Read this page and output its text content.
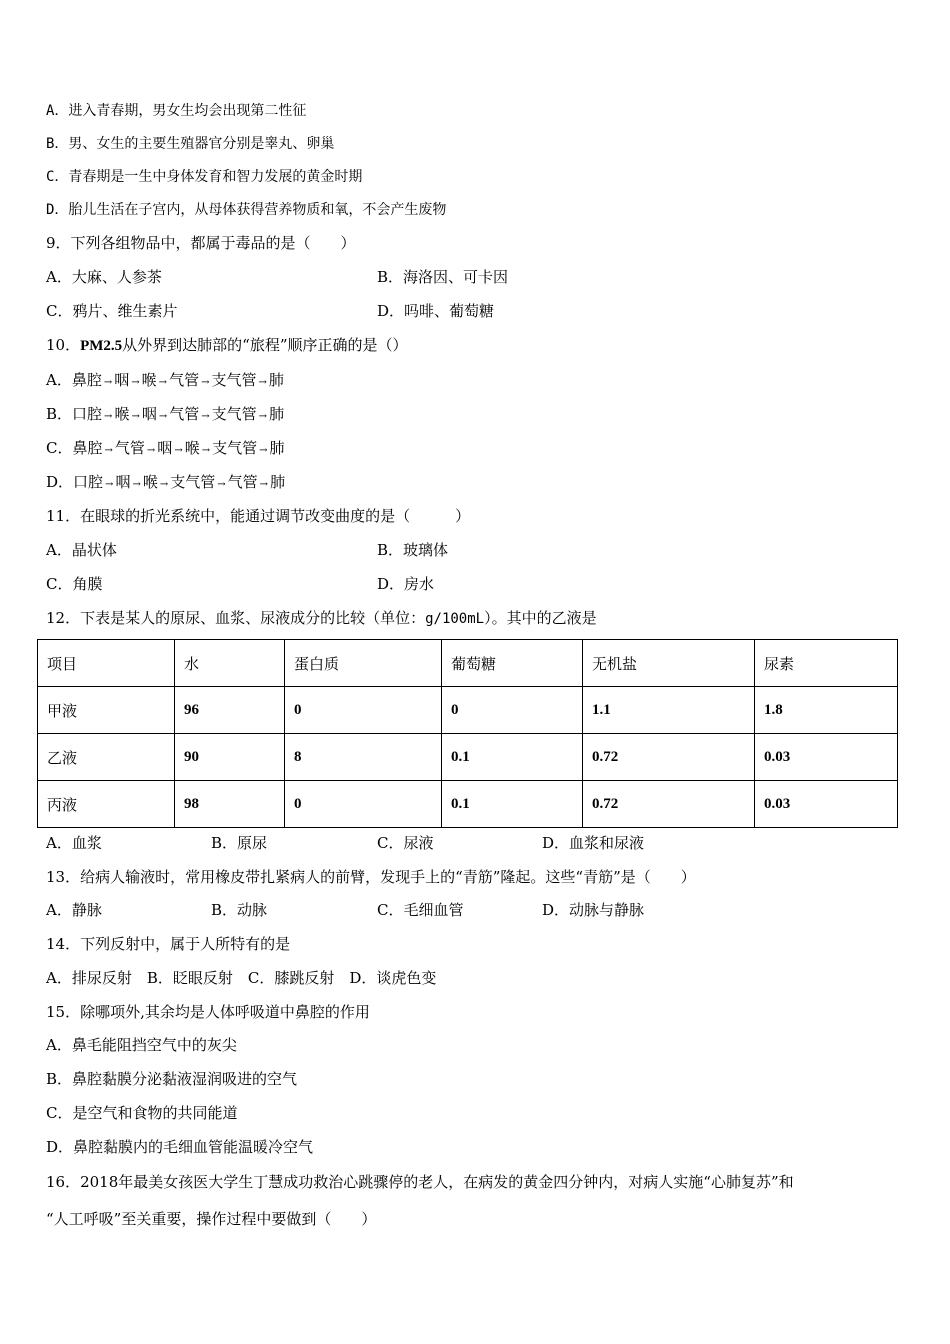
A．进入青春期，男女生均会出现第二性征
B．男、女生的主要生殖器官分别是睾丸、卵巢
C．青春期是一生中身体发育和智力发展的黄金时期
D．胎儿生活在子宫内，从母体获得营养物质和氧，不会产生废物
9．下列各组物品中，都属于毒品的是（　　）
A．大麻、人参茶	B．海洛因、可卡因
C．鸦片、维生素片	D．吗啡、葡萄糖
10．PM2.5从外界到达肺部的“旅程”顺序正确的是（）
A．鼻腔 → 咽 → 喉 → 气管 → 支气管 → 肺
B．口腔 → 喉 → 咽 → 气管 → 支气管 → 肺
C．鼻腔 → 气管 → 咽 → 喉 → 支气管 → 肺
D．口腔 → 咽 → 喉 → 支气管 → 气管 → 肺
11．在眼球的折光系统中，能通过调节改变曲度的是（　　　）
A．晶状体	B．玻璃体
C．角膜	D．房水
12．下表是某人的原尿、血浆、尿液成分的比较（单位：g/100mL）。其中的乙液是
项目	水	蛋白质	葡萄糖	无机盐	尿素
甲液	96	0	0	1.1	1.8
乙液	90	8	0.1	0.72	0.03
丙液	98	0	0.1	0.72	0.03
A．血浆	B．原尿	C．尿液	D．血浆和尿液
13．给病人输液时，常用橡皮带扎紧病人的前臂，发现手上的“青筋”隆起。这些“青筋”是（　　）
A．静脉	B．动脉	C．毛细血管	D．动脉与静脉
14．下列反射中，属于人所特有的是
A．排尿反射　B．眨眼反射　C．膝跳反射　D．谈虎色变
15．除哪项外,其余均是人体呼吸道中鼻腔的作用
A．鼻毛能阻挡空气中的灰尖
B．鼻腔黏膜分泌黏液湿润吸进的空气
C．是空气和食物的共同能道
D．鼻腔黏膜内的毛细血管能温暖冷空气
16．2018年最美女孩医大学生丁慧成功救治心跳骤停的老人，在病发的黄金四分钟内，对病人实施“心肺复苏”和
“人工呼吸”至关重要，操作过程中要做到（　　）
